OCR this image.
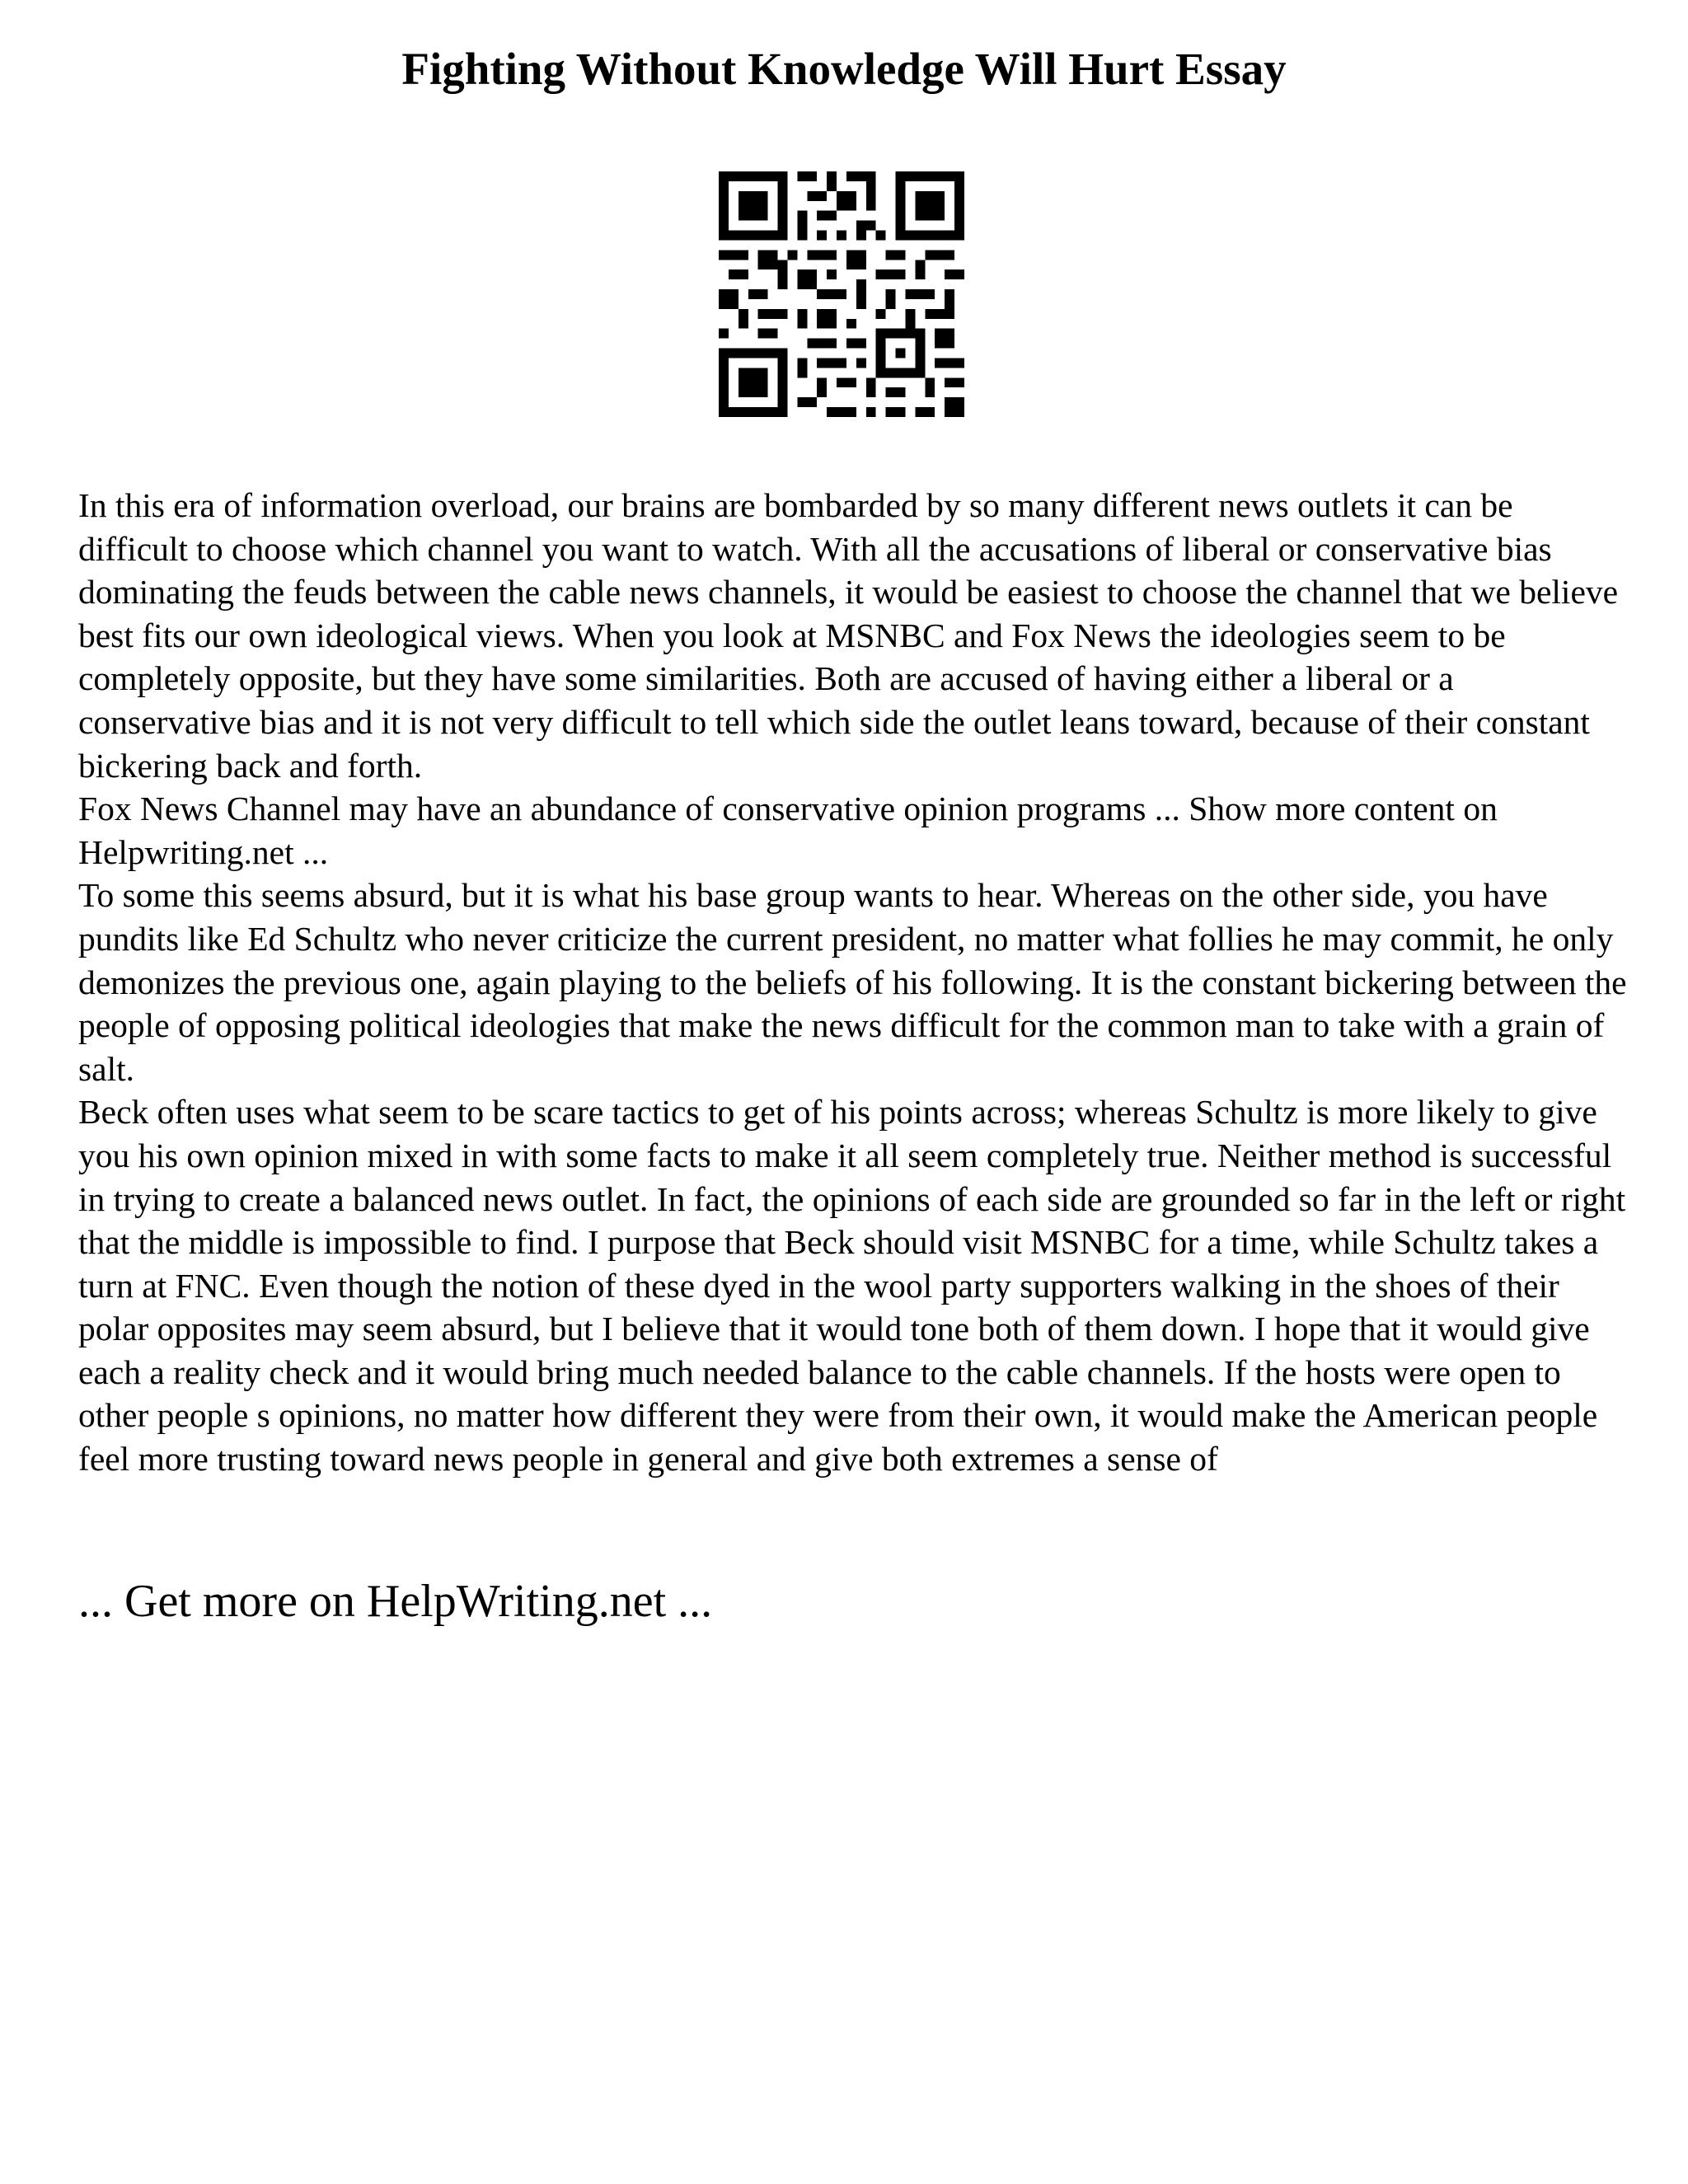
Fighting Without Knowledge Will Hurt Essay

In this era of information overload, our brains are bombarded by so many different news outlets it can be difficult to choose which channel you want to watch. With all the accusations of liberal or conservative bias dominating the feuds between the cable news channels, it would be easiest to choose the channel that we believe best fits our own ideological views. When you look at MSNBC and Fox News the ideologies seem to be completely opposite, but they have some similarities. Both are accused of having either a liberal or a conservative bias and it is not very difficult to tell which side the outlet leans toward, because of their constant bickering back and forth.

Fox News Channel may have an abundance of conservative opinion programs ... Show more content on Helpwriting.net ...

To some this seems absurd, but it is what his base group wants to hear. Whereas on the other side, you have pundits like Ed Schultz who never criticize the current president, no matter what follies he may commit, he only demonizes the previous one, again playing to the beliefs of his following. It is the constant bickering between the people of opposing political ideologies that make the news difficult for the common man to take with a grain of salt.

Beck often uses what seem to be scare tactics to get of his points across; whereas Schultz is more likely to give you his own opinion mixed in with some facts to make it all seem completely true. Neither method is successful in trying to create a balanced news outlet. In fact, the opinions of each side are grounded so far in the left or right that the middle is impossible to find. I purpose that Beck should visit MSNBC for a time, while Schultz takes a turn at FNC. Even though the notion of these dyed in the wool party supporters walking in the shoes of their polar opposites may seem absurd, but I believe that it would tone both of them down. I hope that it would give each a reality check and it would bring much needed balance to the cable channels. If the hosts were open to other people s opinions, no matter how different they were from their own, it would make the American people feel more trusting toward news people in general and give both extremes a sense of

... Get more on HelpWriting.net ...
